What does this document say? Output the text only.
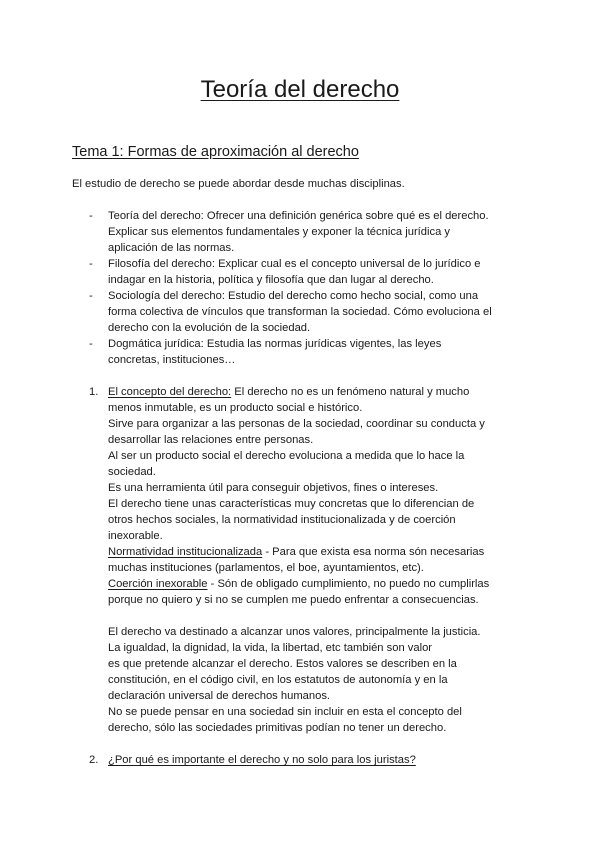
Teoría del derecho
Tema 1: Formas de aproximación al derecho

El estudio de derecho se puede abordar desde muchas disciplinas.

- Teoría del derecho: Ofrecer una definición genérica sobre qué es el derecho.
Explicar sus elementos fundamentales y exponer la técnica jurídica y
aplicación de las normas.
- Filosofía del derecho: Explicar cual es el concepto universal de lo jurídico e
indagar en la historia, política y filosofía que dan lugar al derecho.
- Sociología del derecho: Estudio del derecho como hecho social, como una
forma colectiva de vínculos que transforman la sociedad. Cómo evoluciona el
derecho con la evolución de la sociedad.
- Dogmática jurídica: Estudia las normas jurídicas vigentes, las leyes
concretas, instituciones…
1. El concepto del derecho: El derecho no es un fenómeno natural y mucho

menos inmutable, es un producto social e histórico.

Sirve para organizar a las personas de la sociedad, coordinar su conducta y

desarrollar las relaciones entre personas.

Al ser un producto social el derecho evoluciona a medida que lo hace la

sociedad.

Es una herramienta útil para conseguir objetivos, fines o intereses.

El derecho tiene unas características muy concretas que lo diferencian de

otros hechos sociales, la normatividad institucionalizada y de coerción

inexorable.

Normatividad institucionalizada - Para que exista esa norma són necesarias

muchas instituciones (parlamentos, el boe, ayuntamientos, etc).

Coerción inexorable - Són de obligado cumplimiento, no puedo no cumplirlas

porque no quiero y si no se cumplen me puedo enfrentar a consecuencias.

El derecho va destinado a alcanzar unos valores, principalmente la justicia.

La igualdad, la dignidad, la vida, la libertad, etc también son valor

es que pretende alcanzar el derecho. Estos valores se describen en la

constitución, en el código civil, en los estatutos de autonomía y en la

declaración universal de derechos humanos.

No se puede pensar en una sociedad sin incluir en esta el concepto del

derecho, sólo las sociedades primitivas podían no tener un derecho.

2. ¿Por qué es importante el derecho y no solo para los juristas?
